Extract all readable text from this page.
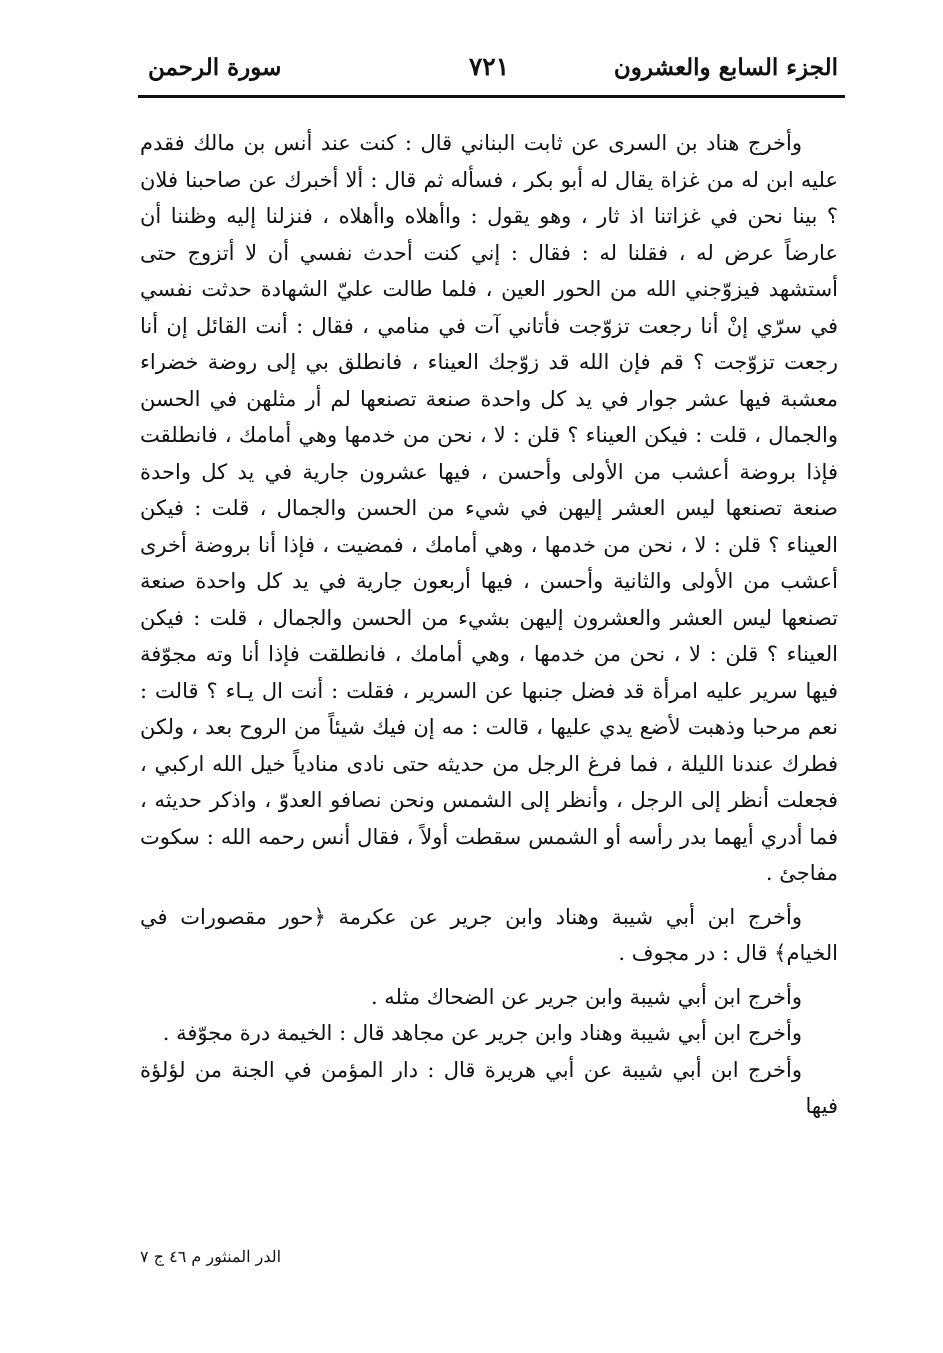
الجزء السابع والعشرون
٧٢١
سورة الرحمن

وأخرج هناد بن السرى عن ثابت البناني قال : كنت عند أنس بن مالك فقدم عليه ابن له من غزاة يقال له أبو بكر ، فسأله ثم قال : ألا أخبرك عن صاحبنا فلان ؟ بينا نحن في غزاتنا اذ ثار ، وهو يقول : واأهلاه واأهلاه ، فنزلنا إليه وظننا أن عارضاً عرض له ، فقلنا له : فقال : إني كنت أحدث نفسي أن لا أتزوج حتى أستشهد فيزوّجني الله من الحور العين ، فلما طالت عليّ الشهادة حدثت نفسي في سرّي إنْ أنا رجعت تزوّجت فأتاني آت في منامي ، فقال : أنت القائل إن أنا رجعت تزوّجت ؟ قم فإن الله قد زوّجك العيناء ، فانطلق بي إلى روضة خضراء معشبة فيها عشر جوار في يد كل واحدة صنعة تصنعها لم أر مثلهن في الحسن والجمال ، قلت : فيكن العيناء ؟ قلن : لا ، نحن من خدمها وهي أمامك ، فانطلقت فإذا بروضة أعشب من الأولى وأحسن ، فيها عشرون جارية في يد كل واحدة صنعة تصنعها ليس العشر إليهن في شيء من الحسن والجمال ، قلت : فيكن العيناء ؟ قلن : لا ، نحن من خدمها ، وهي أمامك ، فمضيت ، فإذا أنا بروضة أخرى أعشب من الأولى والثانية وأحسن ، فيها أربعون جارية في يد كل واحدة صنعة تصنعها ليس العشر والعشرون إليهن بشيء من الحسن والجمال ، قلت : فيكن العيناء ؟ قلن : لا ، نحن من خدمها ، وهي أمامك ، فانطلقت فإذا أنا وته مجوّفة فيها سرير عليه امرأة قد فضل جنبها عن السرير ، فقلت : أنت ال يـاء ؟ قالت : نعم مرحبا وذهبت لأضع يدي عليها ، قالت : مه إن فيك شيئاً من الروح بعد ، ولكن فطرك عندنا الليلة ، فما فرغ الرجل من حديثه حتى نادى منادياً خيل الله اركبي ، فجعلت أنظر إلى الرجل ، وأنظر إلى الشمس ونحن نصافو العدوّ ، واذكر حديثه ، فما أدري أيهما بدر رأسه أو الشمس سقطت أولاً ، فقال أنس رحمه الله : سكوت مفاجئ .

وأخرج ابن أبي شيبة وهناد وابن جرير عن عكرمة ﴿حور مقصورات في الخيام﴾ قال : در مجوف .

وأخرج ابن أبي شيبة وابن جرير عن الضحاك مثله .

وأخرج ابن أبي شيبة وهناد وابن جرير عن مجاهد قال : الخيمة درة مجوّفة .

وأخرج ابن أبي شيبة عن أبي هريرة قال : دار المؤمن في الجنة من لؤلؤة فيها

الدر المنثور م ٤٦ ج ٧
